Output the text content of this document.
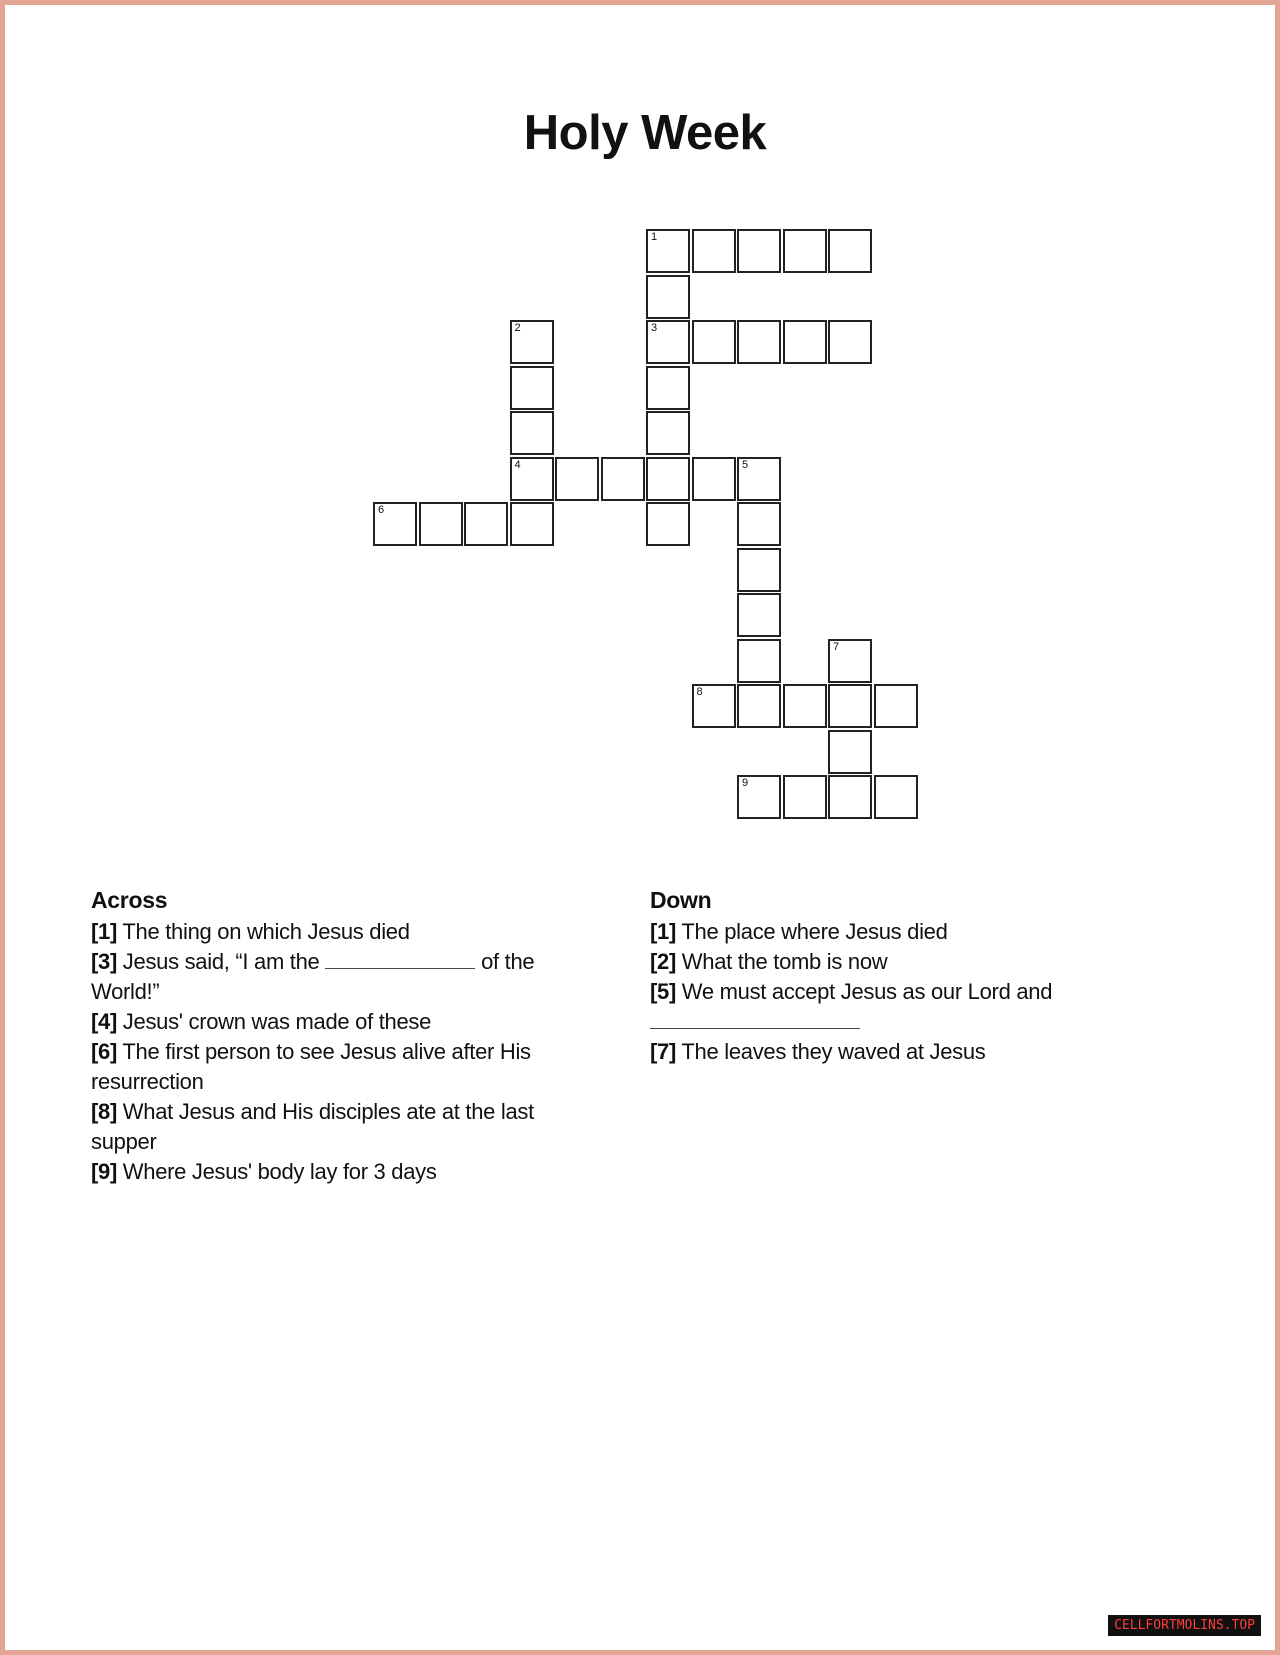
Holy Week
1
2	3
4	5
6
7
8
9
Across

[1] The thing on which Jesus died

[3] Jesus said, “I am the	of the World!”

[4] Jesus' crown was made of these

[6] The first person to see Jesus alive after His resurrection

[8] What Jesus and His disciples ate at the last supper

[9] Where Jesus' body lay for 3 days

Down

[1] The place where Jesus died

[2] What the tomb is now

[5] We must accept Jesus as our Lord and

[7] The leaves they waved at Jesus

CELLFORTMOLINS.TOP
